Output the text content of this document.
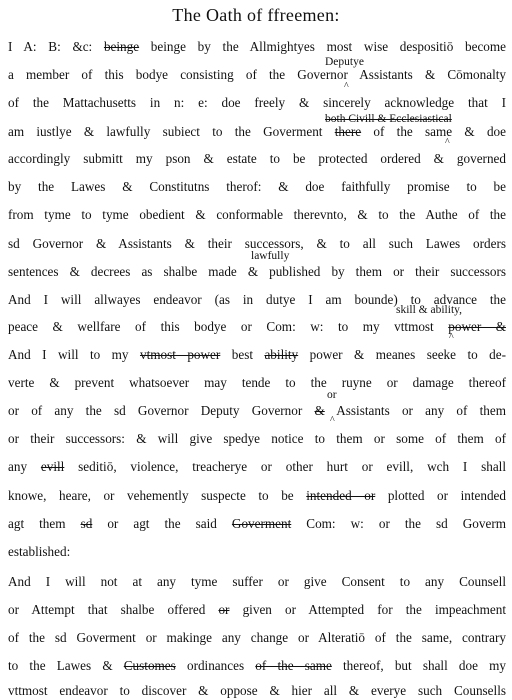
The Oath of ffreemen:
I A: B: &c: beinge beinge by the Allmightyes most wise despositiō become
a member of this bodye consisting of the Governor Assistants & Cōmonalty
of the Mattachusetts in n: e: doe freely & sincerely acknowledge that I
am iustlye & lawfully subiect to the Goverment there of the same & doe
accordingly submitt my pson & estate to be protected ordered & governed
by the Lawes & Constitutns therof: & doe faithfully promise to be
from tyme to tyme obedient & conformable therevnto, & to the Authe of the
sd Governor & Assistants & their successors, & to all such Lawes orders
sentences & decrees as shalbe made & published by them or their successors
And I will allwayes endeavor (as in dutye I am bounde) to advance the
peace & wellfare of this bodye or Com: w: to my vttmost power &
And I will to my vtmost power best ability power & meanes seeke to de-
verte & prevent whatsoever may tende to the ruyne or damage thereof
or of any the sd Governor Deputy Governor & Assistants or any of them
or their successors: & will give spedye notice to them or some of them of
any evill seditiō, violence, treacherye or other hurt or evill, wch I shall
knowe, heare, or vehemently suspecte to be intended or plotted or intended
agt them sd or agt the said Goverment Com: w: or the sd Goverm
established:
And I will not at any tyme suffer or give Consent to any Counsell
or Attempt that shalbe offered or given or Attempted for the impeachment
of the sd Goverment or makinge any change or Alteratiō of the same, contrary
to the Lawes & Customes ordinances of the same thereof, but shall doe my
vttmost endeavor to discover & oppose & hier all & everye such Counsells
Deputye
^
both Civill & Ecclesiastical
^
lawfully
skill & ability,
^
or
^
